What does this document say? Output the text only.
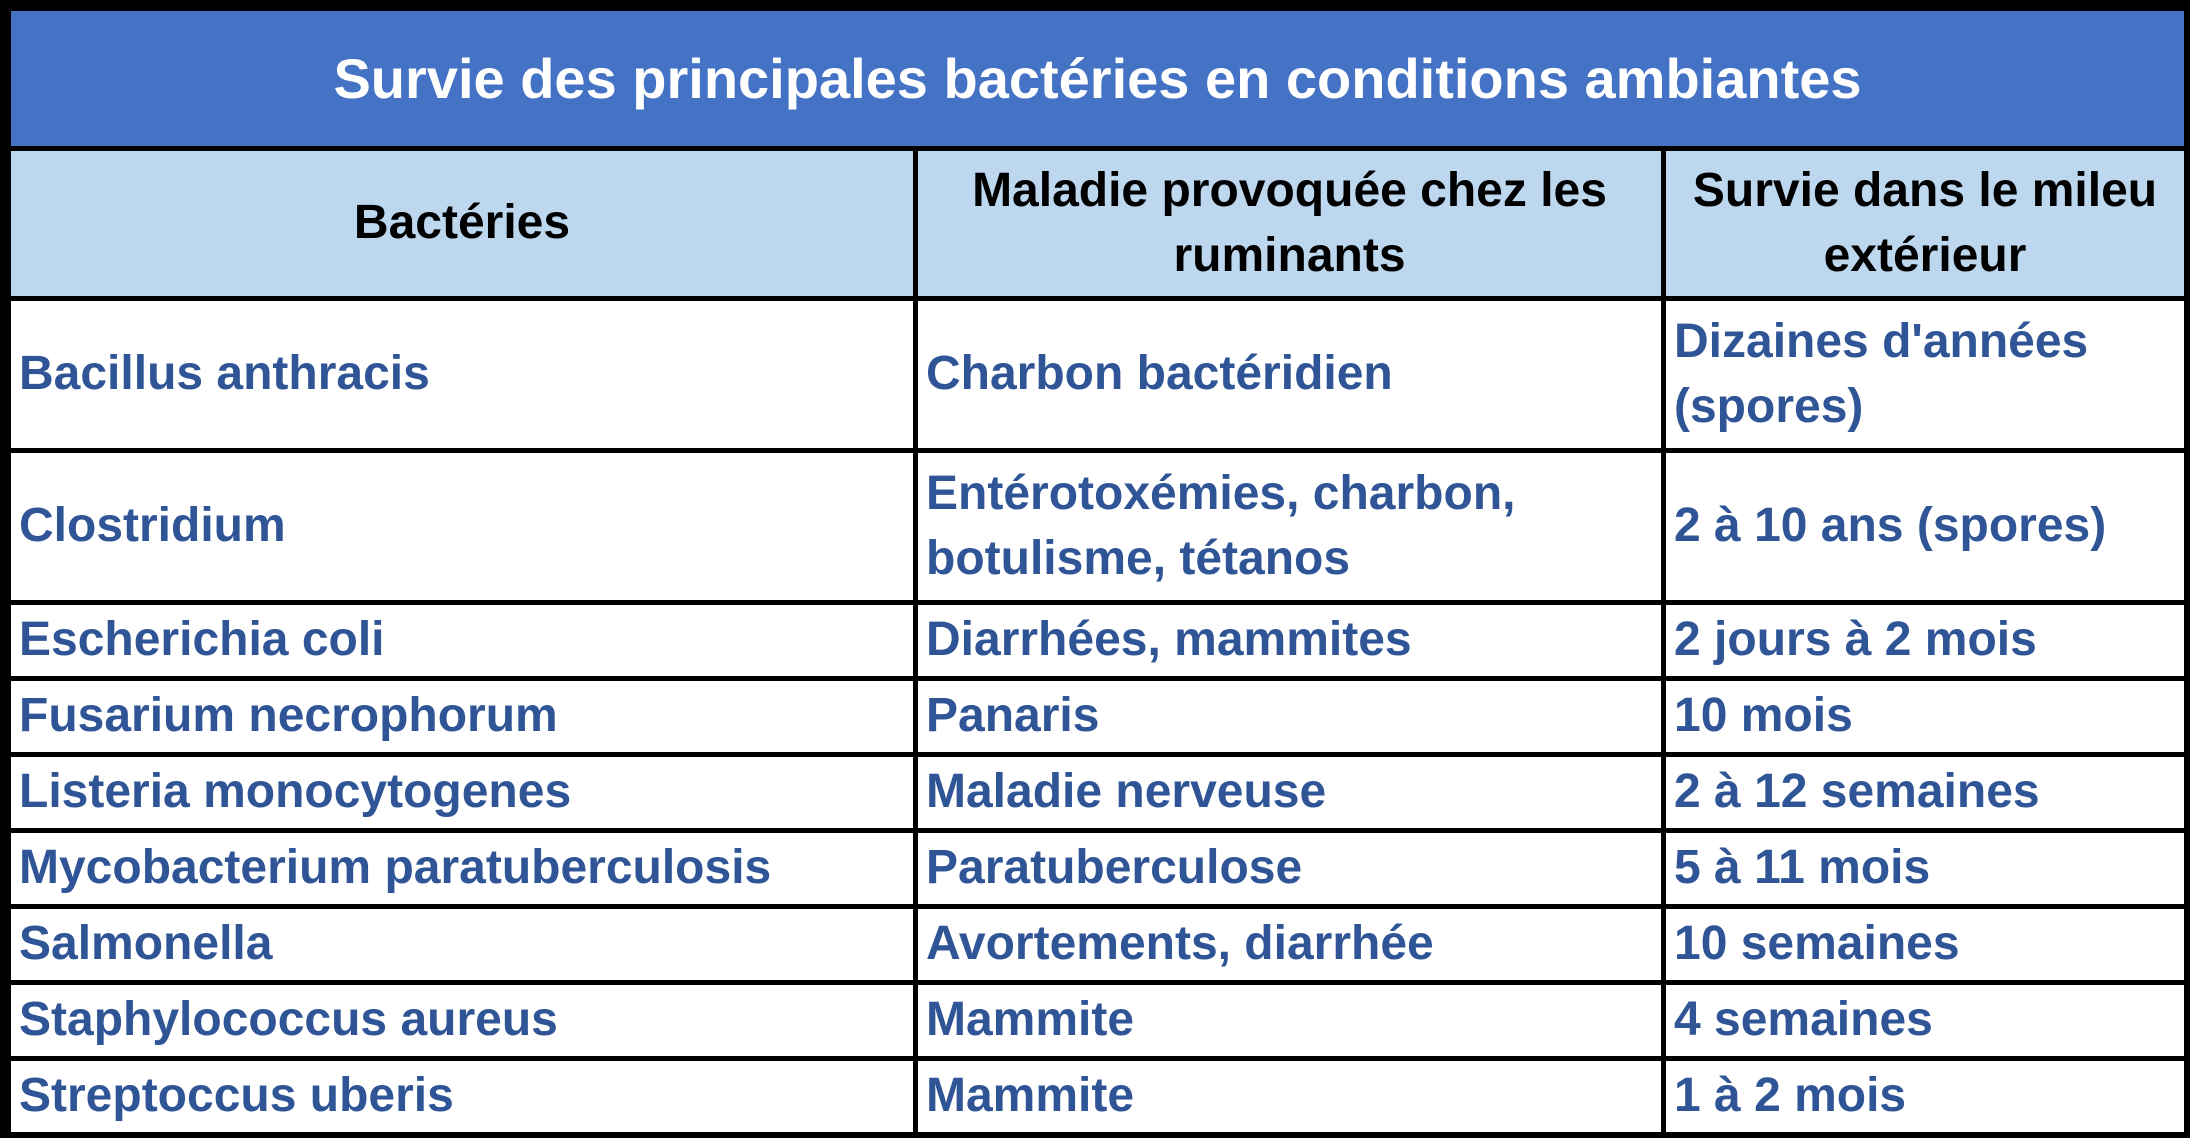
Survie des principales bactéries en conditions ambiantes		
Bactéries	Maladie provoquée chez les ruminants	Survie dans le mileu extérieur
Bacillus anthracis	Charbon bactéridien	Dizaines d'années (spores)
Clostridium	Entérotoxémies, charbon, botulisme, tétanos	2 à 10 ans (spores)
Escherichia coli	Diarrhées, mammites	2 jours à 2 mois
Fusarium necrophorum	Panaris	10 mois
Listeria monocytogenes	Maladie nerveuse	2 à 12 semaines
Mycobacterium paratuberculosis	Paratuberculose	5 à 11 mois
Salmonella	Avortements, diarrhée	10 semaines
Staphylococcus aureus	Mammite	4 semaines
Streptoccus uberis	Mammite	1 à 2 mois
